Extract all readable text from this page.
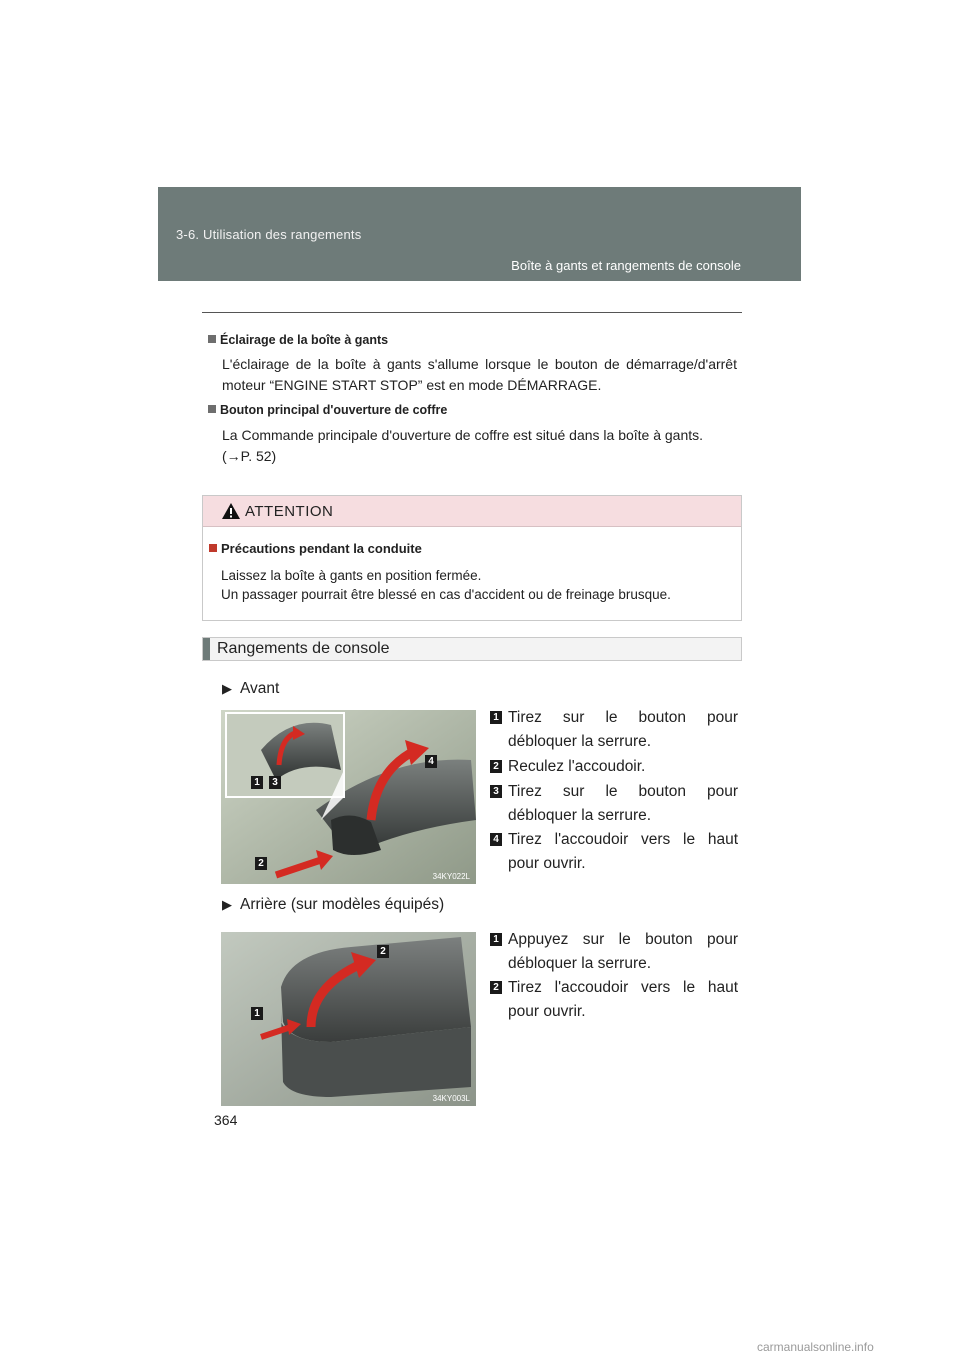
3-6. Utilisation des rangements
Boîte à gants et rangements de console
Éclairage de la boîte à gants
L'éclairage de la boîte à gants s'allume lorsque le bouton de démarrage/d'arrêt
moteur “ENGINE START STOP” est en mode DÉMARRAGE.
Bouton principal d'ouverture de coffre
La Commande principale d'ouverture de coffre est situé dans la boîte à gants.
(→P. 52)
ATTENTION
Précautions pendant la conduite
Laissez la boîte à gants en position fermée.
Un passager pourrait être blessé en cas d'accident ou de freinage brusque.
Rangements de console
▶ Avant
1	3
4
2
34KY022L
1 Tirez sur le bouton pour
débloquer la serrure.
2 Reculez l'accoudoir.
3 Tirez sur le bouton pour
débloquer la serrure.
4 Tirez l'accoudoir vers le haut
pour ouvrir.
▶ Arrière (sur modèles équipés)
2
1
34KY003L
1 Appuyez sur le bouton pour
débloquer la serrure.
2 Tirez l'accoudoir vers le haut
pour ouvrir.
364
carmanualsonline.info
